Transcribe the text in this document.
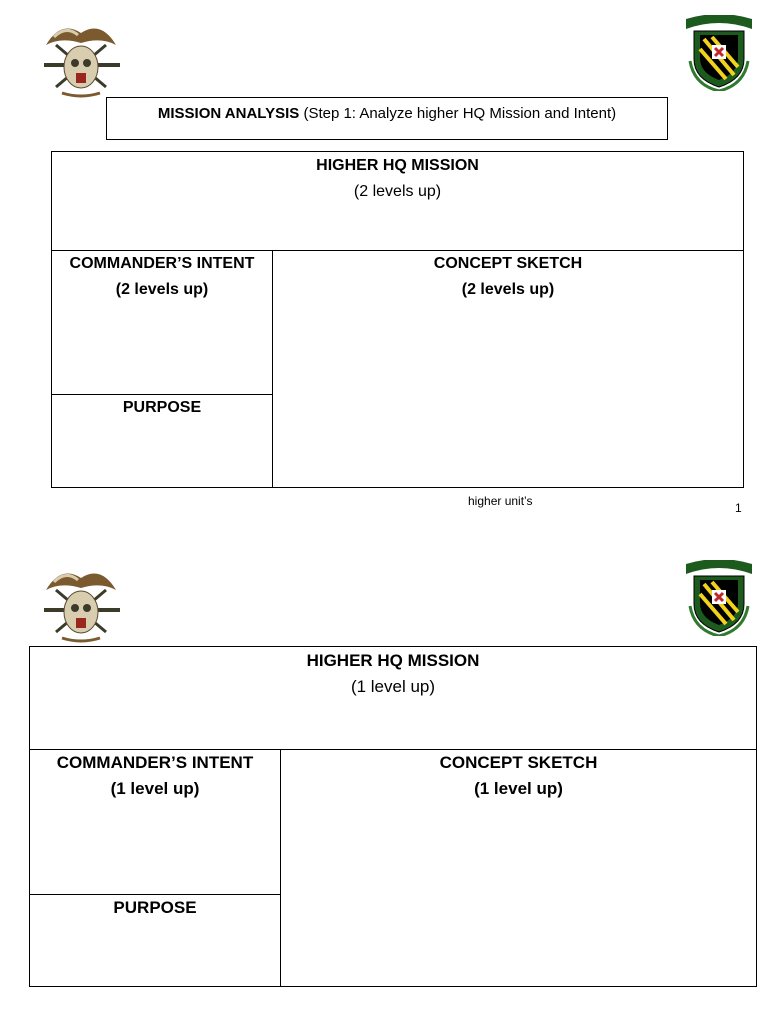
MISSION ANALYSIS (Step 1: Analyze higher HQ Mission and Intent)
HIGHER HQ MISSION
(2 levels up)
COMMANDER’S INTENT
(2 levels up)
CONCEPT SKETCH
(2 levels up)
PURPOSE
higher unit’s	1
HIGHER HQ MISSION
(1 level up)
COMMANDER’S INTENT
(1 level up)
CONCEPT SKETCH
(1 level up)
PURPOSE
